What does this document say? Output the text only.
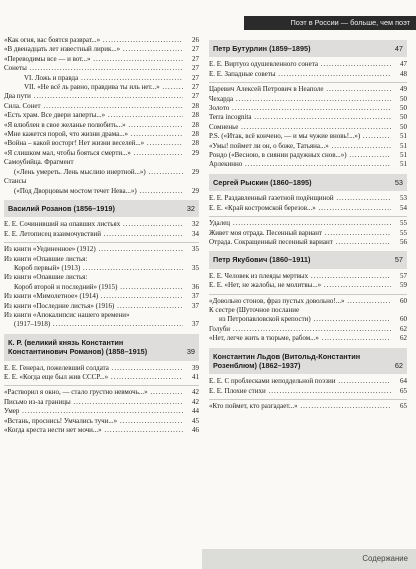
Поэт в России — больше, чем поэт
«Как огня, вас боятся разврат...» .....	26
«В двенадцать лет известный лирик...» .....	27
«Переводимы все — и вот...» .....	27
Сонеты .....	27
VI. Ложь и правда .....	27
VII. «Не всё ль равно, правдива ты иль нет...» .....	27
Два пути .....	27
Сила. Сонет .....	28
«Есть храм. Все двери заперты...» .....	28
«Я влюблен в свое желанье полюбить...» .....	28
«Мне кажется порой, что жизни драма...» .....	28
«Война – какой восторг! Нет жизни веселей...» .....	28
«Я слишком мал, чтобы бояться смерти...» .....	29
Самоубийца. Фрагмент
(«Лень умереть. Лень мыслию инертной...») .....	29
Стансы
(«Под Дворцовым мостом течет Нева...») .....	29
Василий Розанов (1856–1919)	32
Е. Е. Сочинивший на опавших листьях .....	32
Е. Е. Летописец взаимочувствий .....	34
Из книги «Уединенное» (1912) .....	35
Из книги «Опавшие листья:
Короб первый» (1913) .....	35
Из книги «Опавшие листья:
Короб второй и последний» (1915) .....	36
Из книги «Мимолетное» (1914) .....	37
Из книги «Последние листья» (1916) .....	37
Из книги «Апокалипсис нашего времени»
(1917–1918) .....	37
К. Р. (великий князь Константин Константинович Романов) (1858–1915)	39
Е. Е. Генерал, пожелевший солдата .....	39
Е. Е. «Когда еще был жив СССР...» .....	41
«Растворил я окно, — стало грустно невмочь...» .....	42
Письмо из-за границы .....	42
Умер .....	44
«Встань, проснись! Умчались тучи...» .....	45
«Когда креста нести нет мочи...» .....	46
Петр Бутурлин (1859–1895)	47
Е. Е. Виртуоз одушевленного сонета .....	47
Е. Е. Западные советы .....	48
Царевич Алексей Петрович в Неаполе .....	49
Чехарда .....	50
Золото .....	50
Terra incognita .....	50
Сомненье .....	50
P.S. («Итак, всё кончено, — и мы чужие вновь!...») .....	51
«Умы! поймет ли он, о боже, Татьяна...» .....	51
Рондо («Весною, в сиянии радужных снов...») .....	51
Арлекинно .....	51
Сергей Рыскин (1860–1895)	53
Е. Е. Раздавленный газетной подёнщиной .....	53
Е. Е. «Край костромской березов...» .....	54
Удалец .....	55
Живет моя отрада. Песенный вариант .....	55
Отрада. Сокращенный песенный вариант .....	56
Петр Якубович (1860–1911)	57
Е. Е. Человек из плеяды мертвых .....	57
Е. Е. «Нет, не жалобы, не молитвы...» .....	59
«Довольно стонов, фраз пустых довольно!...» .....	60
К сестре (Шуточное послание
из Петропавловской крепости) .....	60
Голуби .....	62
«Нет, легче жить в тюрьме, рабом...» .....	62
Константин Льдов (Витольд-Константин Розенблюм) (1862–1937)	62
Е. Е. С проблесками неподдельной поэзии .....	64
Е. Е. Плохие стихи .....	65
«Кто поймет, кто разгадает...» .....	65
Содержание
